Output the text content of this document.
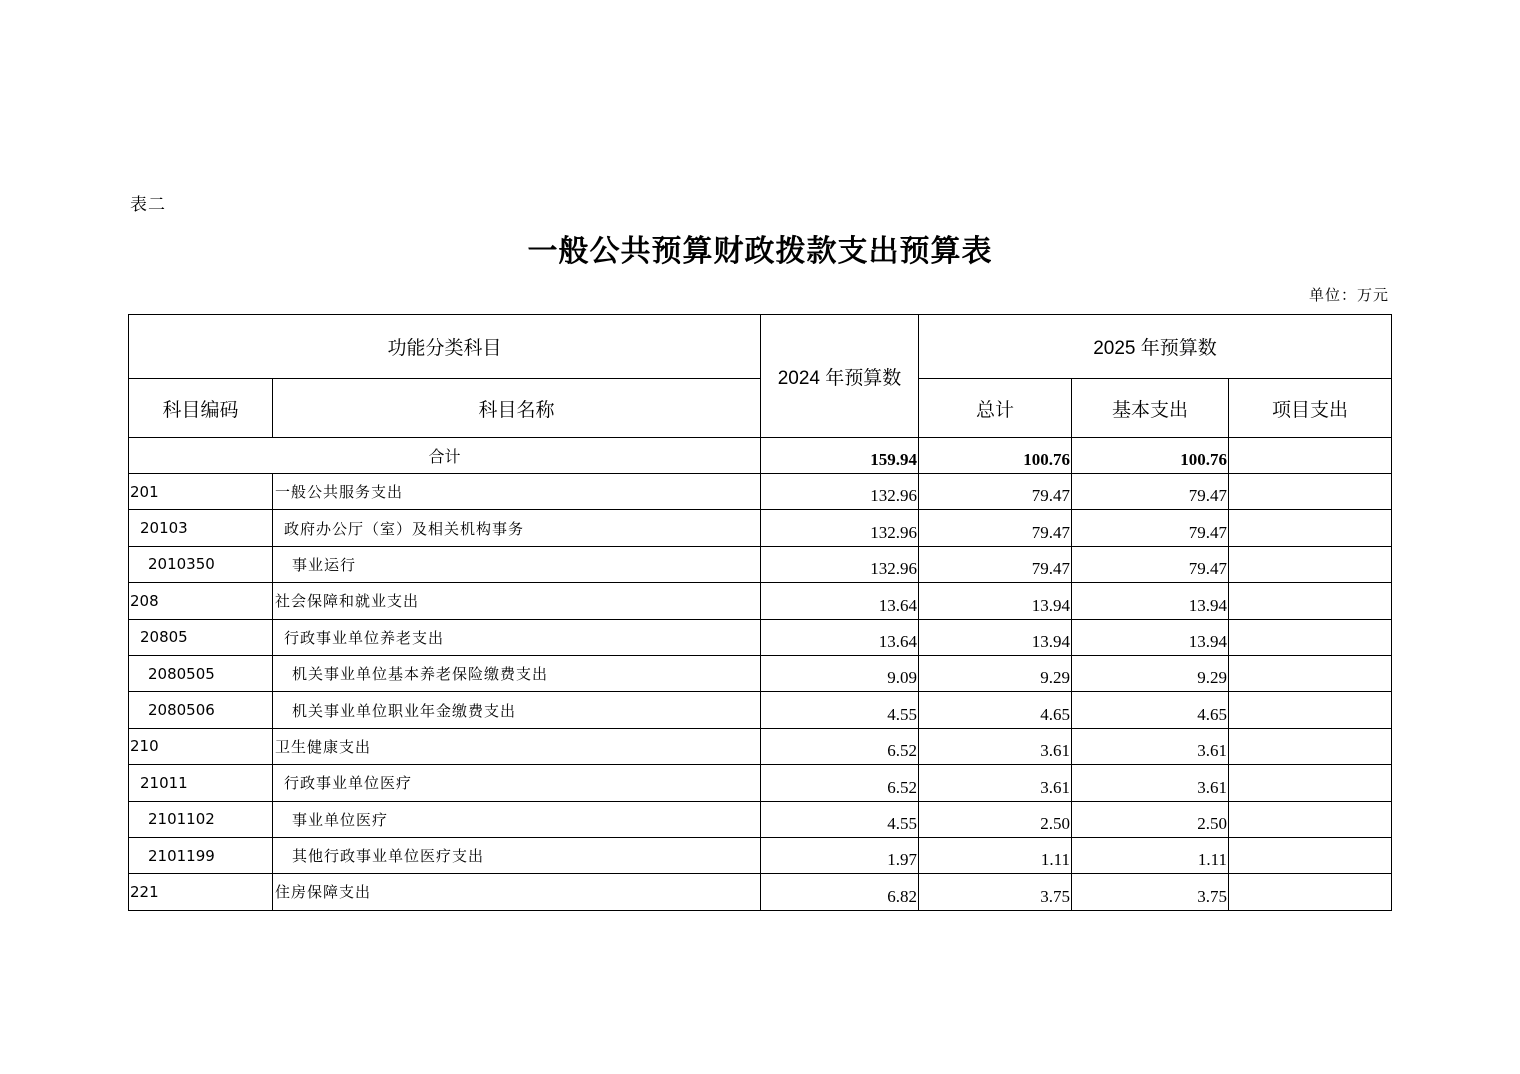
表二
一般公共预算财政拨款支出预算表
单位：万元
功能分类科目		2024 年预算数	2025 年预算数		
科目编码	科目名称		总计	基本支出	项目支出
合计		159.94	100.76	100.76	
201	一般公共服务支出	132.96	79.47	79.47	
20103	政府办公厅（室）及相关机构事务	132.96	79.47	79.47	
2010350	事业运行	132.96	79.47	79.47	
208	社会保障和就业支出	13.64	13.94	13.94	
20805	行政事业单位养老支出	13.64	13.94	13.94	
2080505	机关事业单位基本养老保险缴费支出	9.09	9.29	9.29	
2080506	机关事业单位职业年金缴费支出	4.55	4.65	4.65	
210	卫生健康支出	6.52	3.61	3.61	
21011	行政事业单位医疗	6.52	3.61	3.61	
2101102	事业单位医疗	4.55	2.50	2.50	
2101199	其他行政事业单位医疗支出	1.97	1.11	1.11	
221	住房保障支出	6.82	3.75	3.75	
